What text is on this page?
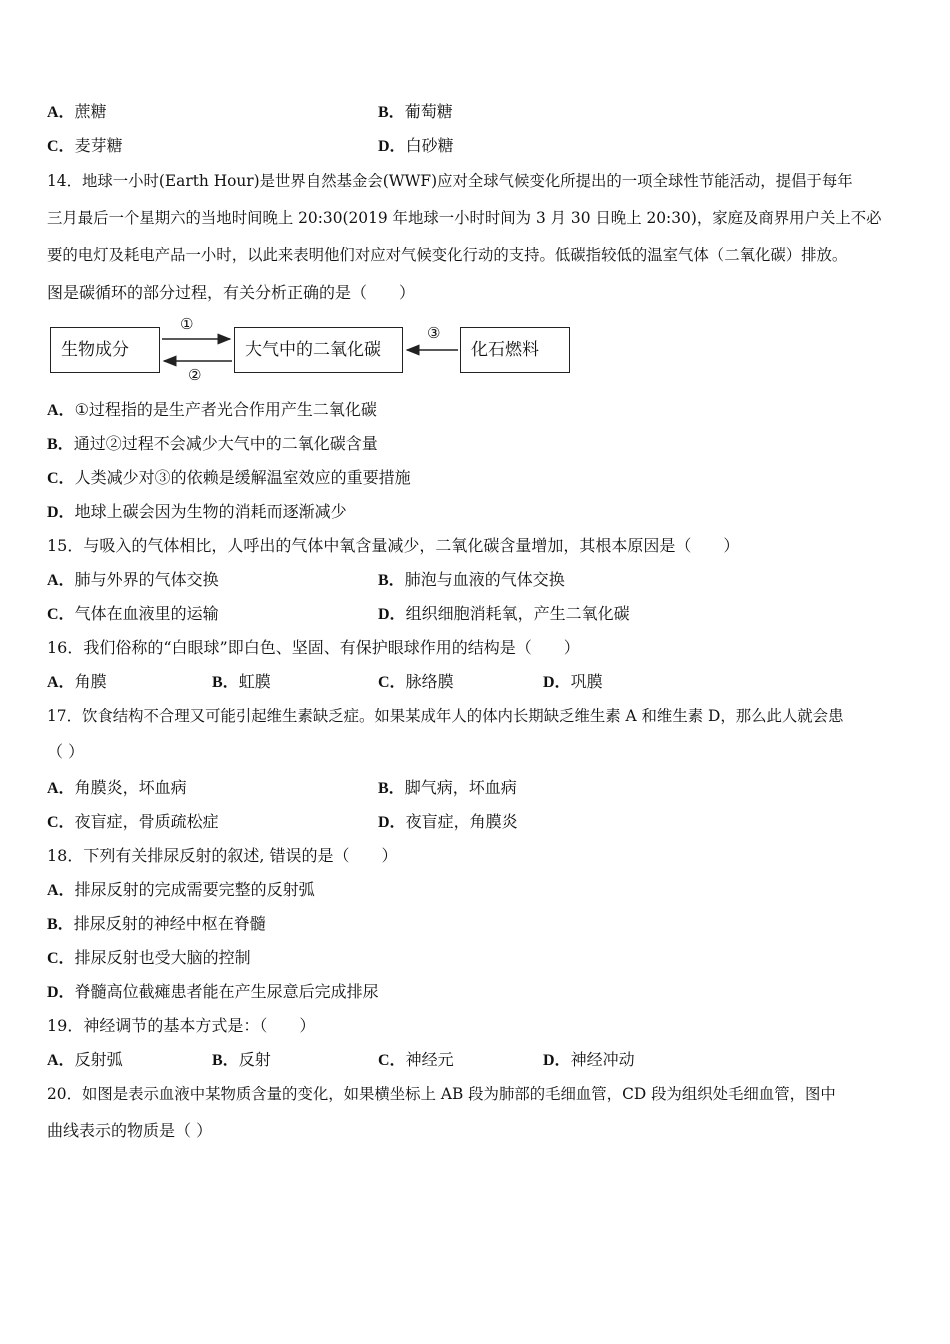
A．蔗糖	B．葡萄糖
C．麦芽糖	D．白砂糖
14．地球一小时(Earth Hour)是世界自然基金会(WWF)应对全球气候变化所提出的一项全球性节能活动，提倡于每年
三月最后一个星期六的当地时间晚上 20:30(2019 年地球一小时时间为 3 月 30 日晚上 20:30)，家庭及商界用户关上不必
要的电灯及耗电产品一小时，以此来表明他们对应对气候变化行动的支持。低碳指较低的温室气体（二氧化碳）排放。
图是碳循环的部分过程，有关分析正确的是（　　）
生物成分	大气中的二氧化碳	化石燃料
①
②
③
A．①过程指的是生产者光合作用产生二氧化碳
B．通过②过程不会减少大气中的二氧化碳含量
C．人类减少对③的依赖是缓解温室效应的重要措施
D．地球上碳会因为生物的消耗而逐渐减少
15．与吸入的气体相比，人呼出的气体中氧含量减少，二氧化碳含量增加，其根本原因是（　　）
A．肺与外界的气体交换	B．肺泡与血液的气体交换
C．气体在血液里的运输	D．组织细胞消耗氧，产生二氧化碳
16．我们俗称的“白眼球”即白色、坚固、有保护眼球作用的结构是（　　）
A．角膜	B．虹膜	C．脉络膜	D．巩膜
17．饮食结构不合理又可能引起维生素缺乏症。如果某成年人的体内长期缺乏维生素 A 和维生素 D，那么此人就会患
（ ）
A．角膜炎，坏血病	B．脚气病，坏血病
C．夜盲症，骨质疏松症	D．夜盲症，角膜炎
18．下列有关排尿反射的叙述, 错误的是（　　）
A．排尿反射的完成需要完整的反射弧
B．排尿反射的神经中枢在脊髓
C．排尿反射也受大脑的控制
D．脊髓高位截瘫患者能在产生尿意后完成排尿
19．神经调节的基本方式是：（　　）
A．反射弧	B．反射	C．神经元	D．神经冲动
20．如图是表示血液中某物质含量的变化，如果横坐标上 AB 段为肺部的毛细血管，CD 段为组织处毛细血管，图中
曲线表示的物质是（ ）
